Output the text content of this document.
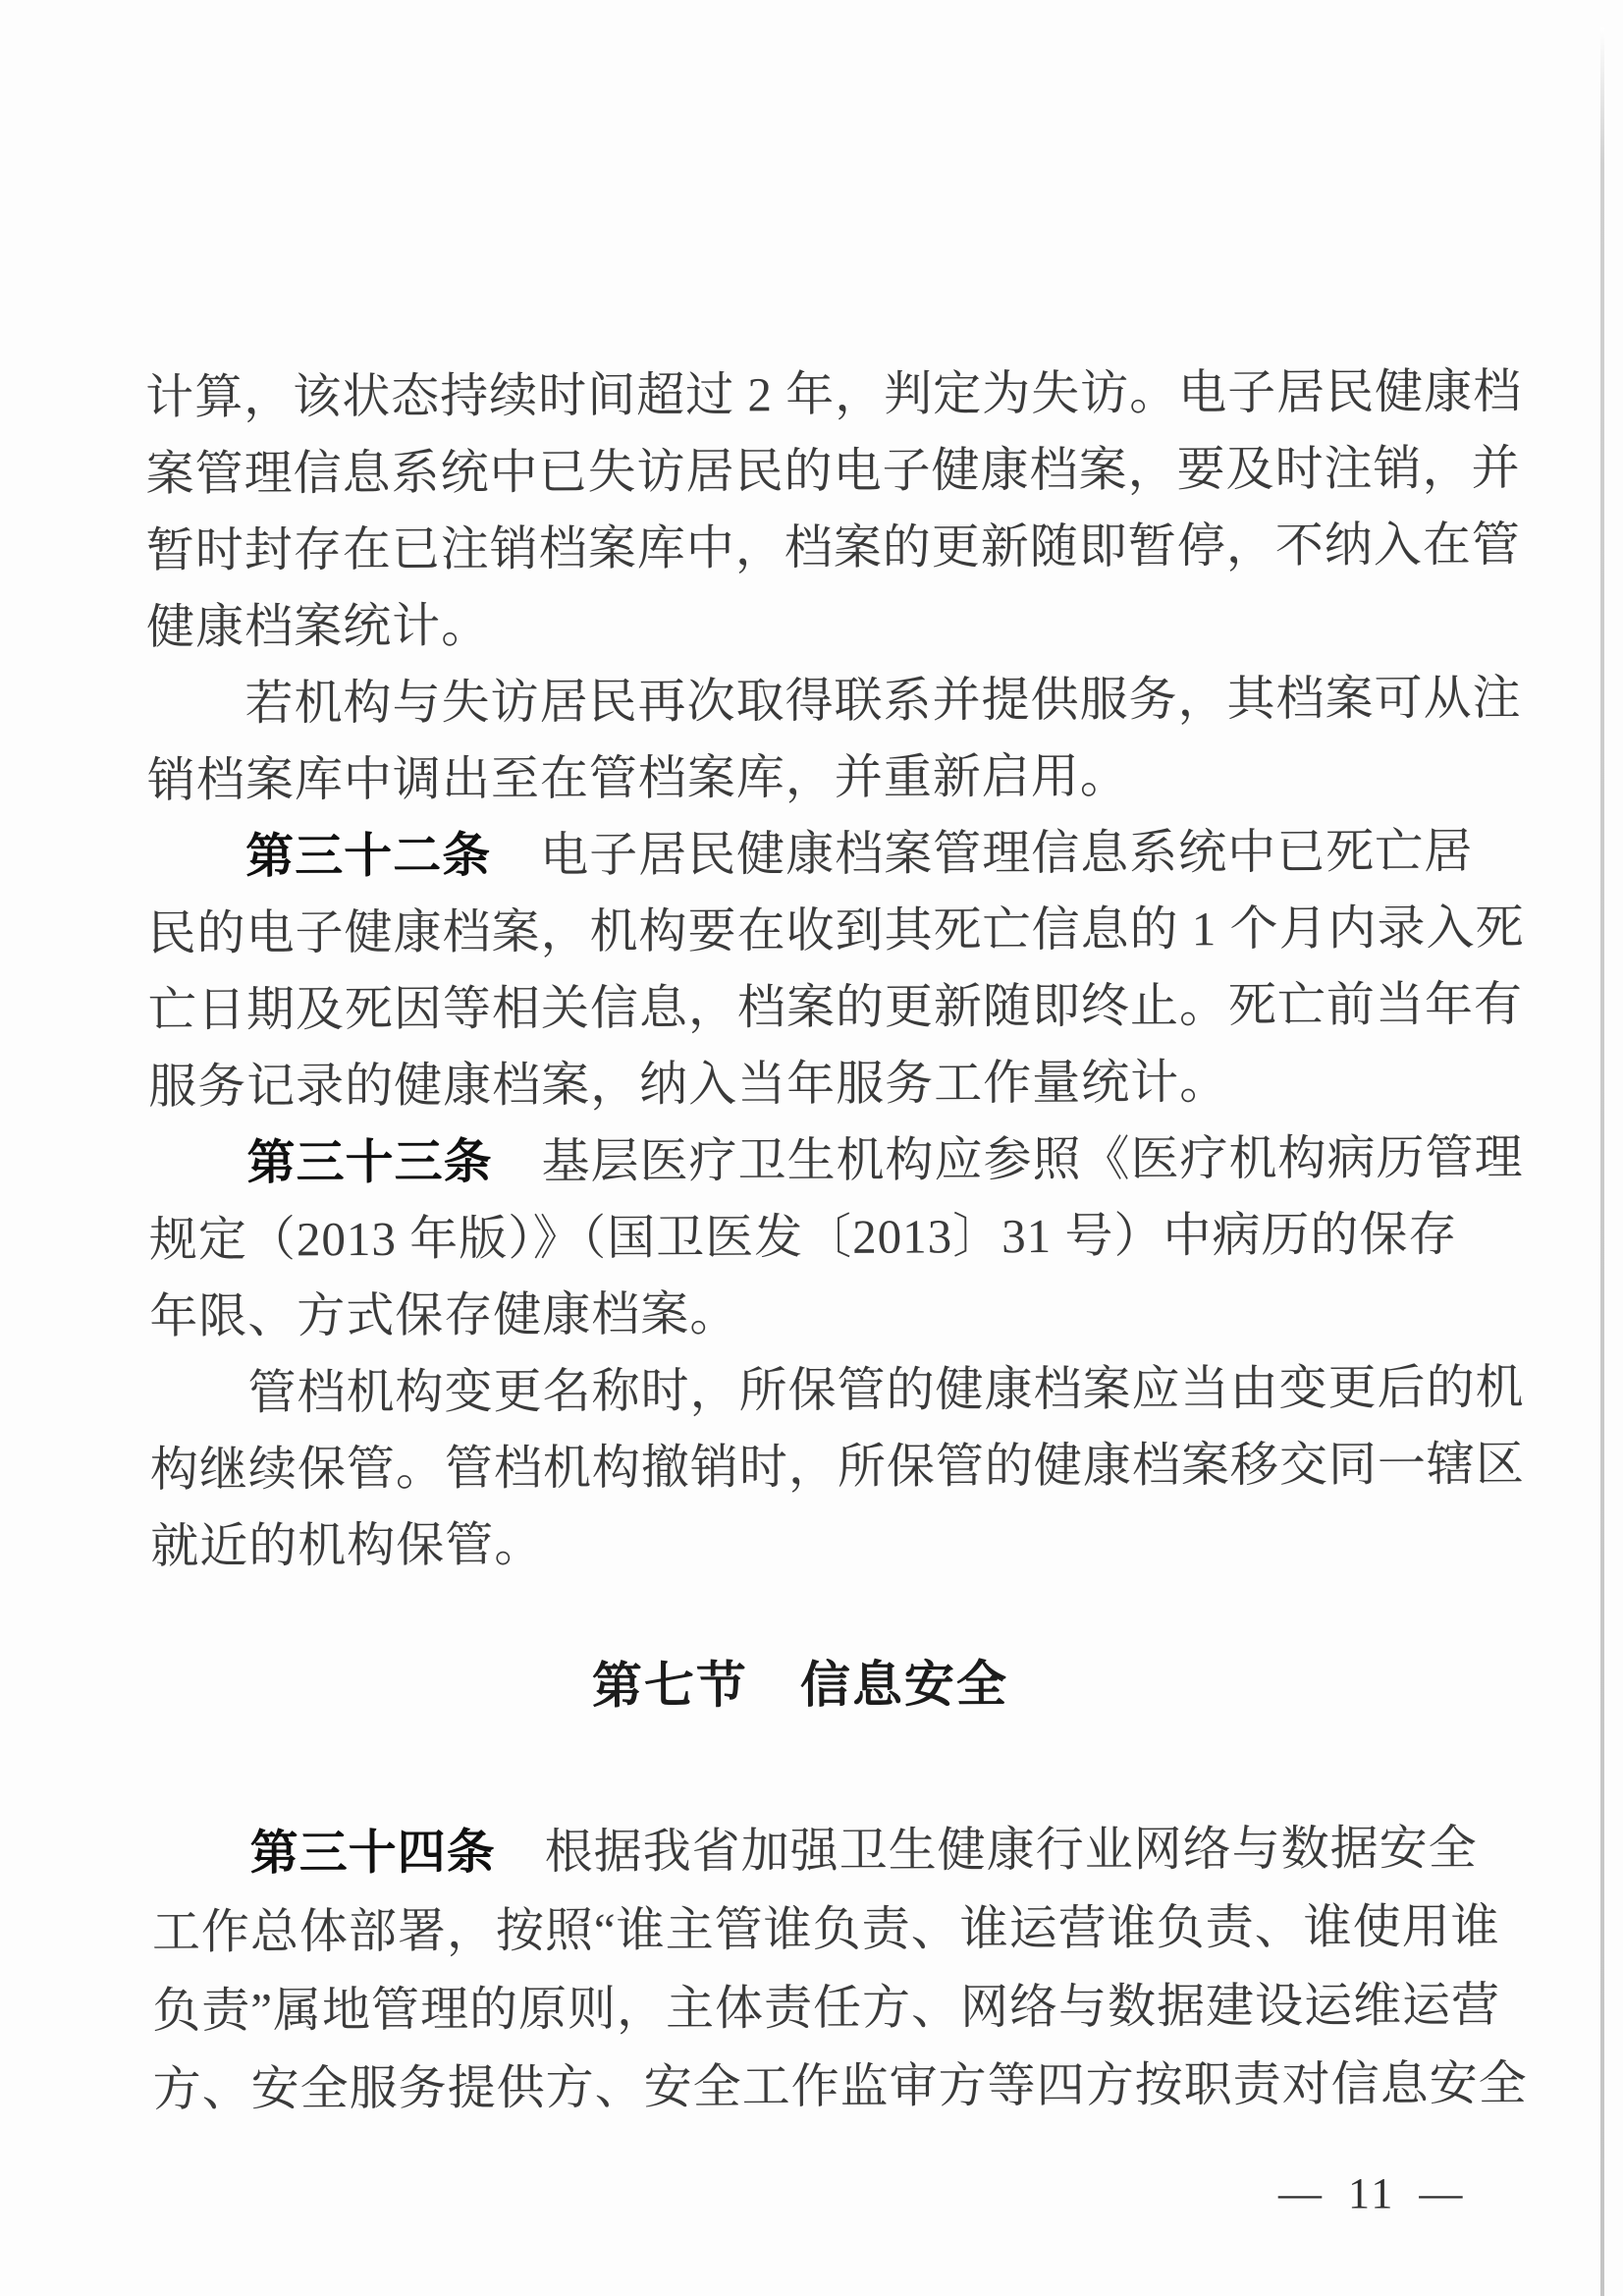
计算，该状态持续时间超过 2 年，判定为失访。电子居民健康档
案管理信息系统中已失访居民的电子健康档案，要及时注销，并
暂时封存在已注销档案库中，档案的更新随即暂停，不纳入在管
健康档案统计。
若机构与失访居民再次取得联系并提供服务，其档案可从注
销档案库中调出至在管档案库，并重新启用。
第三十二条　电子居民健康档案管理信息系统中已死亡居
民的电子健康档案，机构要在收到其死亡信息的 1 个月内录入死
亡日期及死因等相关信息，档案的更新随即终止。死亡前当年有
服务记录的健康档案，纳入当年服务工作量统计。
第三十三条　基层医疗卫生机构应参照《医疗机构病历管理
规定（2013 年版）》（国卫医发〔2013〕31 号）中病历的保存
年限、方式保存健康档案。
管档机构变更名称时，所保管的健康档案应当由变更后的机
构继续保管。管档机构撤销时，所保管的健康档案移交同一辖区
就近的机构保管。
第七节　信息安全
第三十四条　根据我省加强卫生健康行业网络与数据安全
工作总体部署，按照“谁主管谁负责、谁运营谁负责、谁使用谁
负责”属地管理的原则，主体责任方、网络与数据建设运维运营
方、安全服务提供方、安全工作监审方等四方按职责对信息安全
— 11 —
